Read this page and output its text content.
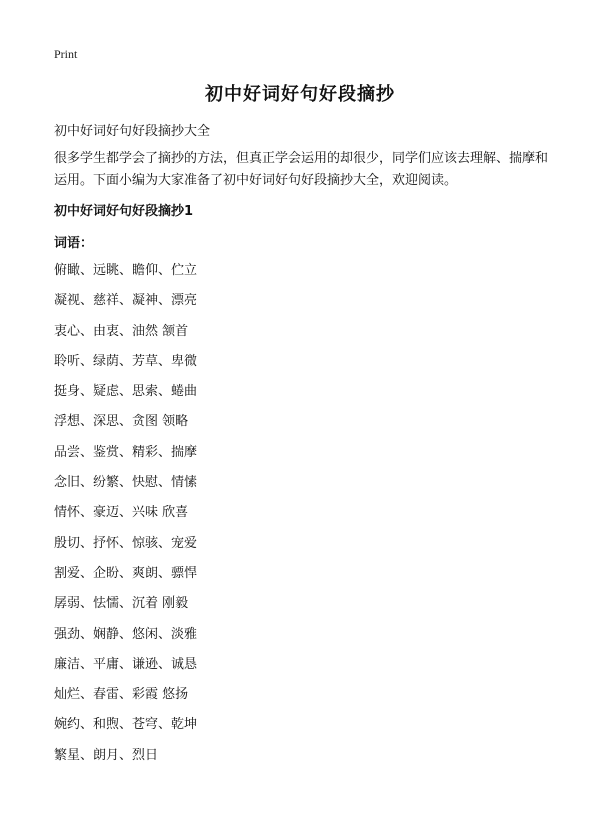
Print
初中好词好句好段摘抄
初中好词好句好段摘抄大全
很多学生都学会了摘抄的方法，但真正学会运用的却很少，同学们应该去理解、揣摩和运用。下面小编为大家准备了初中好词好句好段摘抄大全，欢迎阅读。
初中好词好句好段摘抄1
词语：
俯瞰、远眺、瞻仰、伫立
凝视、慈祥、凝神、漂亮
衷心、由衷、油然 颔首
聆听、绿荫、芳草、卑微
挺身、疑虑、思索、蜷曲
浮想、深思、贪图 领略
品尝、鉴赏、精彩、揣摩
念旧、纷繁、快慰、情愫
情怀、豪迈、兴味 欣喜
殷切、抒怀、惊骇、宠爱
割爱、企盼、爽朗、骠悍
孱弱、怯懦、沉着 刚毅
强劲、娴静、悠闲、淡雅
廉洁、平庸、谦逊、诚恳
灿烂、春雷、彩霞 悠扬
婉约、和煦、苍穹、乾坤
繁星、朗月、烈日
